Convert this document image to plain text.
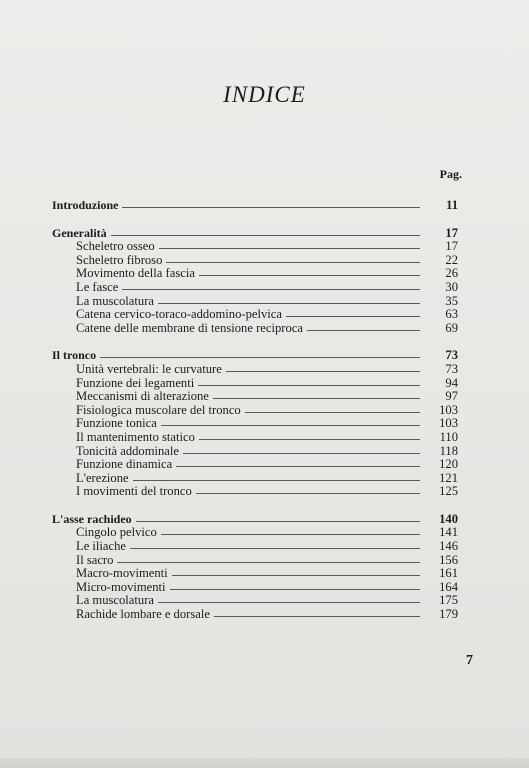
INDICE
Pag.
Introduzione	11
Generalità	17
Scheletro osseo	17
Scheletro fibroso	22
Movimento della fascia	26
Le fasce	30
La muscolatura	35
Catena cervico-toraco-addomino-pelvica	63
Catene delle membrane di tensione reciproca	69
Il tronco	73
Unità vertebrali: le curvature	73
Funzione dei legamenti	94
Meccanismi di alterazione	97
Fisiologica muscolare del tronco	103
Funzione tonica	103
Il mantenimento statico	110
Tonicità addominale	118
Funzione dinamica	120
L'erezione	121
I movimenti del tronco	125
L'asse rachideo	140
Cingolo pelvico	141
Le iliache	146
Il sacro	156
Macro-movimenti	161
Micro-movimenti	164
La muscolatura	175
Rachide lombare e dorsale	179
7
